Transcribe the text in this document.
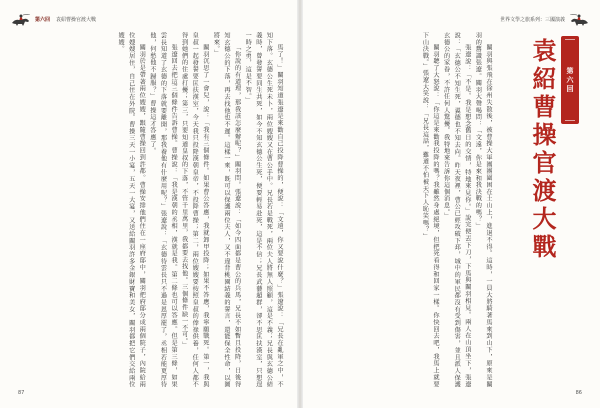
第六回 袁紹曹操官渡大戰

馬了！」關羽知道張遼是來勸自己投降曹操的，便說：「文遠，你又要說什麼？」張遼說：「兄長在亂軍之中，不知下落。玄德公生死未卜，兩位嫂嫂又在曹公手中。兄長若是戰死，兩位夫人將無人照顧，這是不義；兄長與玄德公結義時，曾發誓要同生共死，如今不知玄德公生死，便要輕易赴死，這是不信；兄長武藝超群，卻不思匡扶漢室，只想逞一時之勇，這是不智。」

「你說的有道理，那我該怎麼辦呢？」關羽問。張遼說：「如今四面都是曹公的兵馬，兄長不如暫且投降，日後得知玄德公的下落，再去找他也不遲。這樣一來，既可以保護兩位夫人，又不違背桃園結義的誓言，還能保全性命，以圖將來。」

關羽沉思了一會兒，說：「我有三個條件。如果曹公答應，我就卸甲投降；如果不答應，我寧願戰死。第一，我與皇叔一起發誓要匡扶漢室，今天我只投降漢朝皇帝，不投降曹操；第二，兩位嫂嫂要按照皇叔的俸祿供養，任何人都不得到她們的住處打擾；第三，只要知道皇叔的下落，不管千里萬里，我都要去找他。三個條件缺一不可。」

張遼回去把這三個條件告訴曹操。曹操說：「我是漢朝的丞相，漢就是我。第二條也可以答應。但是第三條，如果雲長知道了玄德的下落就要離開，那我養他有什麼用呢？」張遼說：「玄德待雲長只不過是恩厚罷了，丞相若能更厚待他，何愁他不歸服？」曹操這才答應了。

關羽於是帶著兩位嫂嫂，跟隨曹操回到許都。曹操安排他們住在一座府邸中，關羽把府邸分成兩個院子，內院給兩位嫂嫂居住，自己住在外院。曹操三天一小宴，五天一大宴，又送給關羽許多金銀財寶和美女，關羽都把它們交給兩位嫂嫂。

87
世界文學之旅系列：三國演義

關羽與張飛在徐州失散後，被曹操大軍團團圍困在土山上，進退不得。這時，一員大將騎著馬來到山下，原來是關羽的舊識張遼。關羽大聲喝問：「文遠，你是來和我決戰的嗎？」

張遼說：「不是。我是想念舊日的交情，特地來見你。」說完便丟下刀，下馬與關羽相見。兩人在山頂坐下，張遼說：「玄德公不知生死，翼德也不知去向。昨天夜裡，曹公已經攻破下邳，城中的軍民都沒有受到傷害，並且派人保護玄德公的家眷，不許任何人驚擾。我特地來告訴你這個消息。」

關羽聽了大怒說：「你這是來勸我投降的嗎？我雖然身處絕境，但把死看得和回家一樣。你快回去吧，我馬上就要下山決戰。」張遼大笑說：「兄長這話，難道不怕被天下人恥笑嗎？」	第六回
袁紹曹操官渡大戰
86
